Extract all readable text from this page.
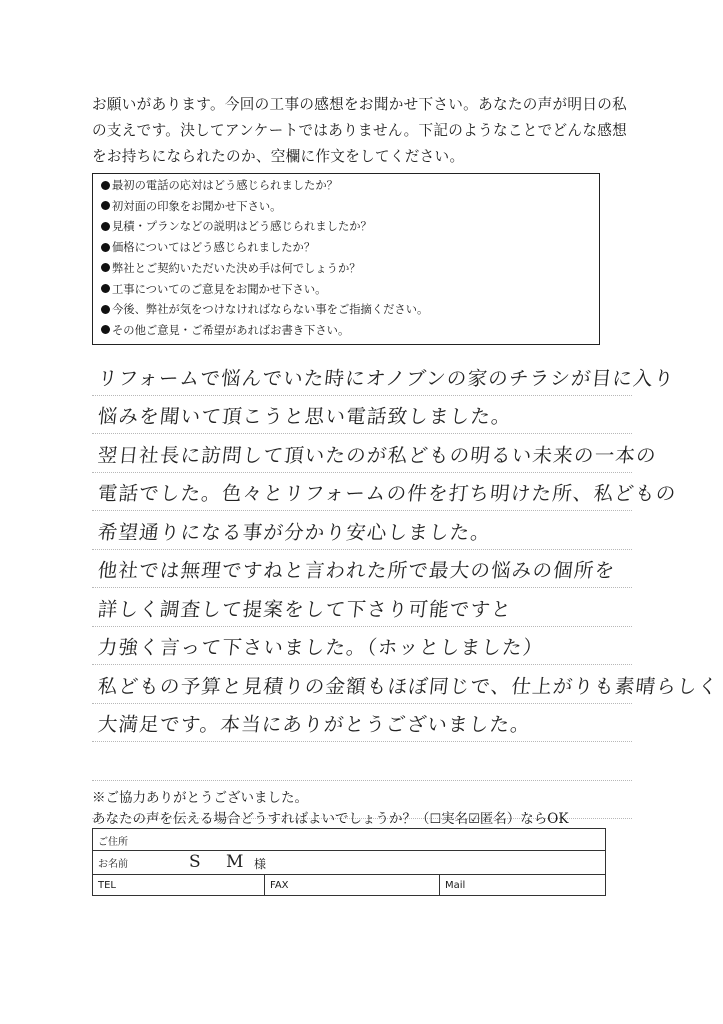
お願いがあります。今回の工事の感想をお聞かせ下さい。あなたの声が明日の私
の支えです。決してアンケートではありません。下記のようなことでどんな感想
をお持ちになられたのか、空欄に作文をしてください。
最初の電話の応対はどう感じられましたか？
初対面の印象をお聞かせ下さい。
見積・プランなどの説明はどう感じられましたか？
価格についてはどう感じられましたか？
弊社とご契約いただいた決め手は何でしょうか？
工事についてのご意見をお聞かせ下さい。
今後、弊社が気をつけなければならない事をご指摘ください。
その他ご意見・ご希望があればお書き下さい。
リフォームで悩んでいた時にオノブンの家のチラシが目に入り
悩みを聞いて頂こうと思い電話致しました。
翌日社長に訪問して頂いたのが私どもの明るい未来の一本の
電話でした。色々とリフォームの件を打ち明けた所、私どもの
希望通りになる事が分かり安心しました。
他社では無理ですねと言われた所で最大の悩みの個所を
詳しく調査して提案をして下さり可能ですと
力強く言って下さいました。（ホッとしました）
私どもの予算と見積りの金額もほぼ同じで、仕上がりも素晴らしく
大満足です。本当にありがとうございました。
※ご協力ありがとうございました。
あなたの声を伝える場合どうすればよいでしょうか？（☐実名☑匿名）ならOK
ご住所
お名前	S M 様
TEL	FAX	Mail
